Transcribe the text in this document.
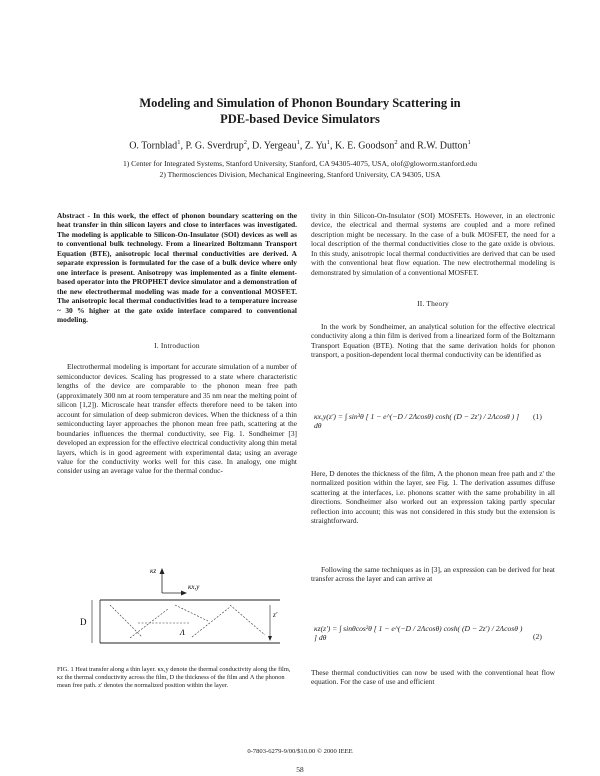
Modeling and Simulation of Phonon Boundary Scattering in
PDE-based Device Simulators
O. Tornblad$^1$, P. G. Sverdrup$^2$, D. Yergeau$^1$, Z. Yu$^1$, K. E. Goodson$^2$ and R.W. Dutton$^1$
1) Center for Integrated Systems, Stanford University, Stanford, CA 94305-4075, USA, olof@gloworm.stanford.edu
2) Thermosciences Division, Mechanical Engineering, Stanford University, CA 94305, USA

Abstract - In this work, the effect of phonon boundary scattering on the heat transfer in thin silicon layers and close to interfaces was investigated. The modeling is applicable to Silicon-On-Insulator (SOI) devices as well as to conventional bulk technology. From a linearized Boltzmann Transport Equation (BTE), anisotropic local thermal conductivities are derived. A separate expression is formulated for the case of a bulk device where only one interface is present. Anisotropy was implemented as a finite element-based operator into the PROPHET device simulator and a demonstration of the new electrothermal modeling was made for a conventional MOSFET. The anisotropic local thermal conductivities lead to a temperature increase ~ 30 % higher at the gate oxide interface compared to conventional modeling.

I. Introduction

Electrothermal modeling is important for accurate simulation of a number of semiconductor devices. Scaling has progressed to a state where characteristic lengths of the device are comparable to the phonon mean free path (approximately 300 nm at room temperature and 35 nm near the melting point of silicon [1,2]). Microscale heat transfer effects therefore need to be taken into account for simulation of deep submicron devices. When the thickness of a thin semiconducting layer approaches the phonon mean free path, scattering at the boundaries influences the thermal conductivity, see Fig. 1. Sondheimer [3] developed an expression for the effective electrical conductivity along thin metal layers, which is in good agreement with experimental data; using an average value for the conductivity works well for this case. In analogy, one might consider using an average value for the thermal conduc-

D
κz
κx,y
Λ
z'
FIG. 1 Heat transfer along a thin layer. κx,y denote the thermal conductivity along the film, κz the thermal conductivity across the film, D the thickness of the film and Λ the phonon mean free path. z' denotes the normalized position within the layer.

tivity in thin Silicon-On-Insulator (SOI) MOSFETs. However, in an electronic device, the electrical and thermal systems are coupled and a more refined description might be necessary. In the case of a bulk MOSFET, the need for a local description of the thermal conductivities close to the gate oxide is obvious. In this study, anisotropic local thermal conductivities are derived that can be used with the conventional heat flow equation. The new electrothermal modeling is demonstrated by simulation of a conventional MOSFET.

II. Theory

In the work by Sondheimer, an analytical solution for the effective electrical conductivity along a thin film is derived from a linearized form of the Boltzmann Transport Equation (BTE). Noting that the same derivation holds for phonon transport, a position-dependent local thermal conductivity can be identified as

κx,y(z') = ∫ sin³θ [ 1 − e^(−D / 2Λcosθ) cosh( (D − 2z') / 2Λcosθ ) ] dθ
(1)

Here, D denotes the thickness of the film, Λ the phonon mean free path and z' the normalized position within the layer, see Fig. 1. The derivation assumes diffuse scattering at the interfaces, i.e. phonons scatter with the same probability in all directions. Sondheimer also worked out an expression taking partly specular reflection into account; this was not considered in this study but the extension is straightforward.

Following the same techniques as in [3], an expression can be derived for heat transfer across the layer and can arrive at

κz(z') = ∫ sinθcos²θ [ 1 − e^(−D / 2Λcosθ) cosh( (D − 2z') / 2Λcosθ ) ] dθ	(2)

These thermal conductivities can now be used with the conventional heat flow equation. For the case of use and efficient

0-7803-6279-9/00/$10.00 © 2000 IEEE
58
